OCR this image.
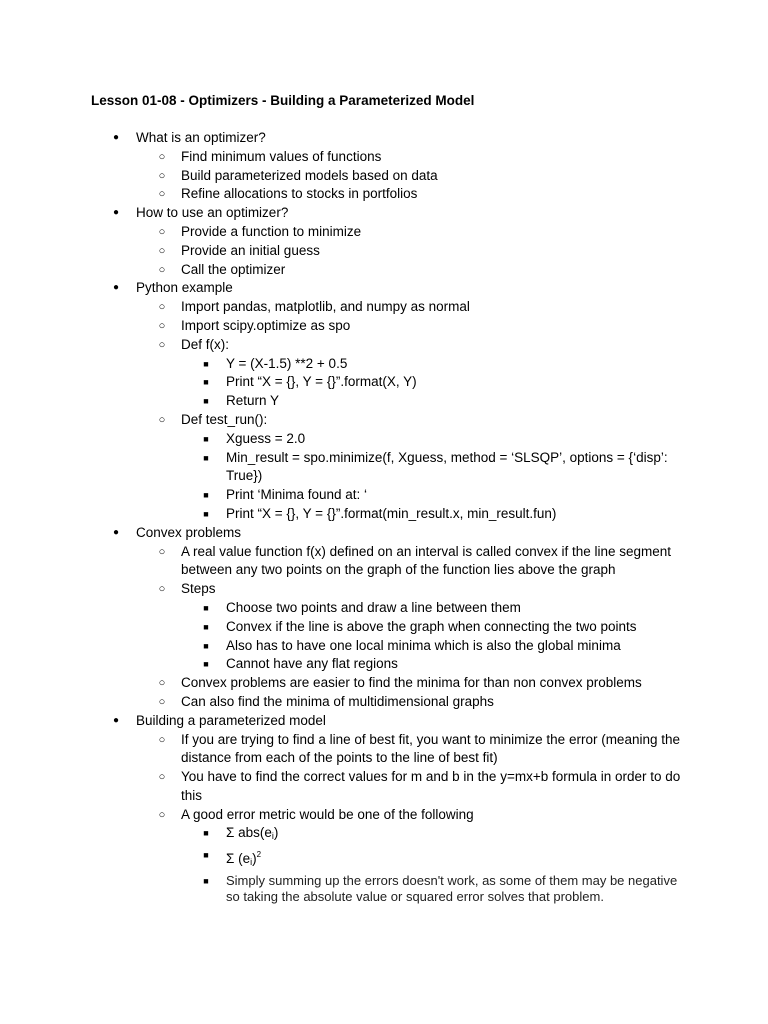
Lesson 01-08 - Optimizers - Building a Parameterized Model
● What is an optimizer?
○ Find minimum values of functions
○ Build parameterized models based on data
○ Refine allocations to stocks in portfolios
● How to use an optimizer?
○ Provide a function to minimize
○ Provide an initial guess
○ Call the optimizer
● Python example
○ Import pandas, matplotlib, and numpy as normal
○ Import scipy.optimize as spo
○ Def f(x):
■ Y = (X-1.5) **2 + 0.5
■ Print “X = {}, Y = {}”.format(X, Y)
■ Return Y
○ Def test_run():
■ Xguess = 2.0
■ Min_result = spo.minimize(f, Xguess, method = ‘SLSQP’, options = {‘disp’: True})
■ Print ‘Minima found at: ‘
■ Print “X = {}, Y = {}”.format(min_result.x, min_result.fun)
● Convex problems
○ A real value function f(x) defined on an interval is called convex if the line segment between any two points on the graph of the function lies above the graph
○ Steps
■ Choose two points and draw a line between them
■ Convex if the line is above the graph when connecting the two points
■ Also has to have one local minima which is also the global minima
■ Cannot have any flat regions
○ Convex problems are easier to find the minima for than non convex problems
○ Can also find the minima of multidimensional graphs
● Building a parameterized model
○ If you are trying to find a line of best fit, you want to minimize the error (meaning the distance from each of the points to the line of best fit)
○ You have to find the correct values for m and b in the y=mx+b formula in order to do this
○ A good error metric would be one of the following
■ Σ $abs(e_i)$
■ Σ $(e_i)^2$
■ Simply summing up the errors doesn't work, as some of them may be negative so taking the absolute value or squared error solves that problem.
